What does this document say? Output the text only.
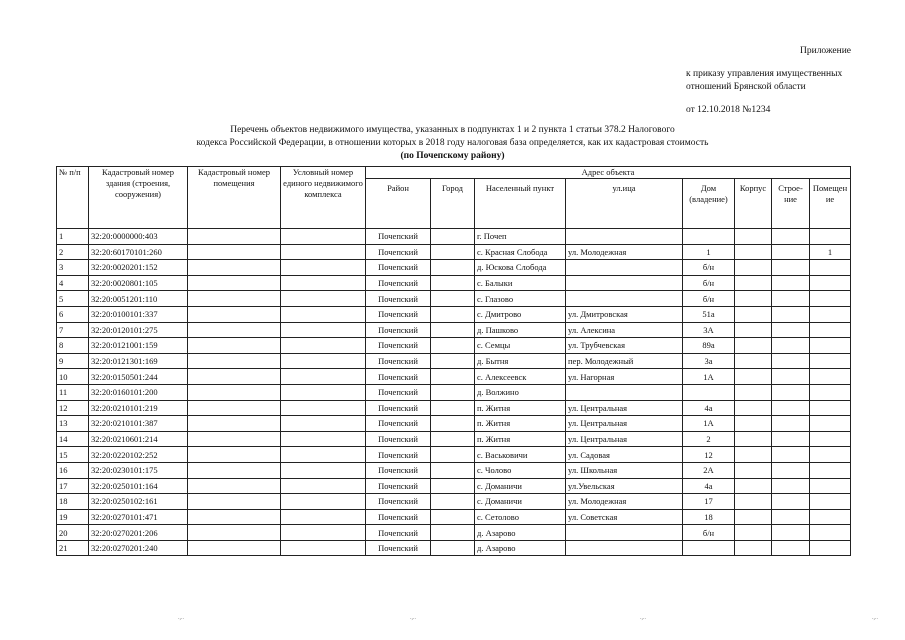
Приложение
к приказу управления имущественных
отношений Брянской области
от 12.10.2018 №1234
Перечень объектов недвижимого имущества, указанных в подпунктах 1 и 2 пункта 1 статьи 378.2 Налогового
кодекса Российской Федерации, в отношении которых в 2018 году налоговая база определяется, как их кадастровая стоимость
(по Почепскому району)
№ п/п	Кадастровый номер здания (строения, сооружения)	Кадастровый номер помещения	Условный номер единого недвижимого комплекса	Адрес объекта							
				Район	Город	Населенный пункт	ул.ица	Дом (владение)	Корпус	Строе-ние	Помещен ие
1	32:20:0000000:403			Почепский		г. Почеп					
2	32:20:60170101:260			Почепский		с. Красная Слобода	ул. Молодежная	1			1
3	32:20:0020201:152			Почепский		д. Юскова Слобода		б/н			
4	32:20:0020801:105			Почепский		с. Балыки		б/н			
5	32:20:0051201:110			Почепский		с. Глазово		б/н			
6	32:20:0100101:337			Почепский		с. Дмитрово	ул. Дмитровская	51а			
7	32:20:0120101:275			Почепский		д. Пашково	ул. Алексина	3А			
8	32:20:0121001:159			Почепский		с. Семцы	ул. Трубчевская	89а			
9	32:20:0121301:169			Почепский		д. Бытня	пер. Молодежный	3а			
10	32:20:0150501:244			Почепский		с. Алексеевск	ул. Нагорная	1А			
11	32:20:0160101:200			Почепский		д. Волжино					
12	32:20:0210101:219			Почепский		п. Житня	ул. Центральная	4а			
13	32:20:0210101:387			Почепский		п. Житня	ул. Центральная	1А			
14	32:20:0210601:214			Почепский		п. Житня	ул. Центральная	2			
15	32:20:0220102:252			Почепский		с. Васьковичи	ул. Садовая	12			
16	32:20:0230101:175			Почепский		с. Чолово	ул. Школьная	2А			
17	32:20:0250101:164			Почепский		с. Доманичи	ул.Увельская	4а			
18	32:20:0250102:161			Почепский		с. Доманичи	ул. Молодежная	17			
19	32:20:0270101:471			Почепский		с. Сетолово	ул. Советская	18			
20	32:20:0270201:206			Почепский		д. Азарово		б/н			
21	32:20:0270201:240			Почепский		д. Азарово					
.,..	.,..	.,..	.,..
